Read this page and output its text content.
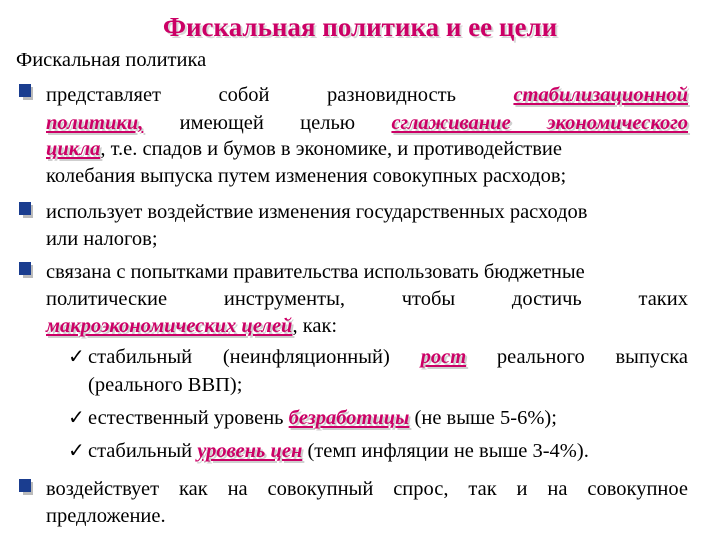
Фискальная политика и ее цели
Фискальная политика
представляет собой разновидность	стабилизационной
политики, имеющей целью сглаживание экономического
цикла, т.е. спадов и бумов в экономике, и противодействие
колебания выпуска путем изменения совокупных расходов;
использует воздействие изменения государственных расходов
или налогов;
связана с попытками правительства использовать бюджетные
политические инструменты, чтобы достичь таких
макроэкономических целей, как:
✓ стабильный (неинфляционный) рост реального выпуска
(реального ВВП);
✓ естественный уровень безработицы (не выше 5-6%);
✓ стабильный уровень цен (темп инфляции не выше 3-4%).
воздействует как на совокупный спрос, так и на совокупное
предложение.
